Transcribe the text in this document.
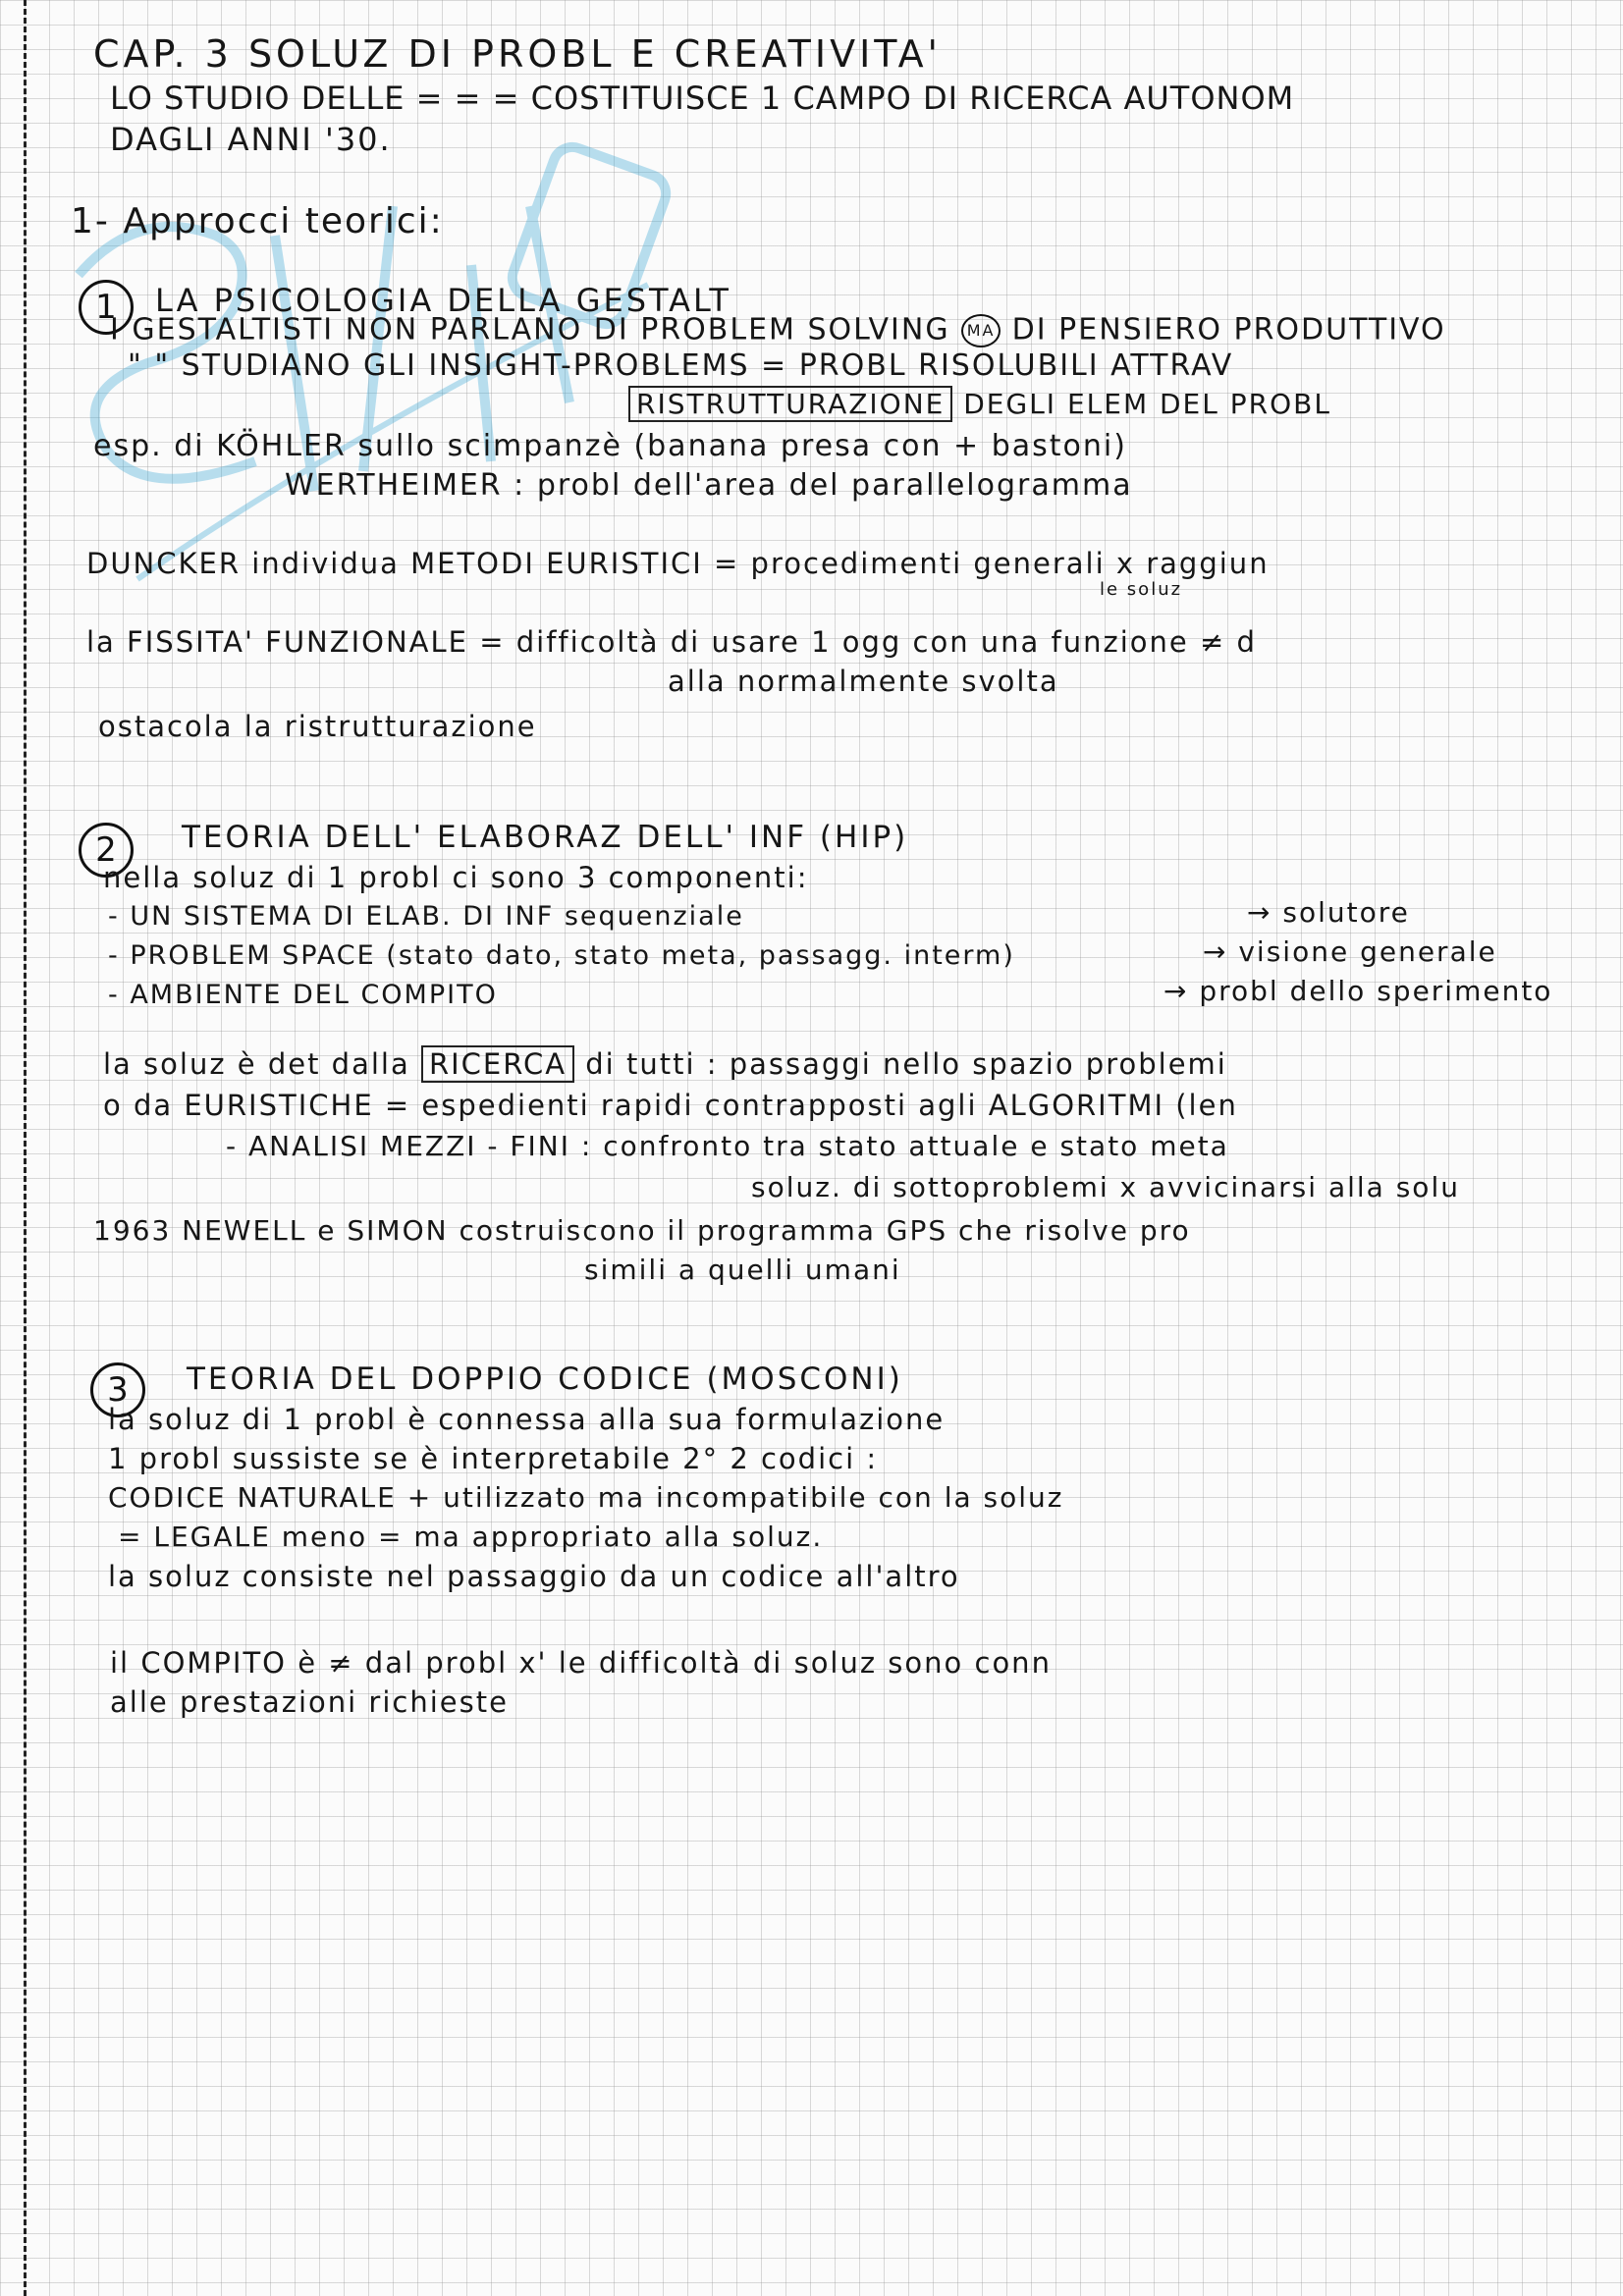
CAP. 3 SOLUZ DI PROBL E CREATIVITA'
LO STUDIO DELLE = = = COSTITUISCE 1 CAMPO DI RICERCA AUTONOM
DAGLI ANNI '30.
1- Approcci teorici:
1 LA PSICOLOGIA DELLA GESTALT
I GESTALTISTI NON PARLANO DI PROBLEM SOLVING MA DI PENSIERO PRODUTTIVO
" " STUDIANO GLI INSIGHT-PROBLEMS = PROBL RISOLUBILI ATTRAV
RISTRUTTURAZIONE DEGLI ELEM DEL PROBL
esp. di KÖHLER sullo scimpanzè (banana presa con + bastoni)
WERTHEIMER : probl dell'area del parallelogramma
DUNCKER individua METODI EURISTICI = procedimenti generali x raggiun
le soluz
la FISSITA' FUNZIONALE = difficoltà di usare 1 ogg con una funzione ≠ d
alla normalmente svolta
ostacola la ristrutturazione
2 TEORIA DELL' ELABORAZ DELL' INF (HIP)
nella soluz di 1 probl ci sono 3 componenti:
- UN SISTEMA DI ELAB. DI INF sequenziale	→ solutore
- PROBLEM SPACE (stato dato, stato meta, passagg. interm)	→ visione generale
- AMBIENTE DEL COMPITO	→ probl dello sperimento
la soluz è det dalla RICERCA di tutti : passaggi nello spazio problemi
o da EURISTICHE = espedienti rapidi contrapposti agli ALGORITMI (len
- ANALISI MEZZI - FINI : confronto tra stato attuale e stato meta
soluz. di sottoproblemi x avvicinarsi alla solu
1963 NEWELL e SIMON costruiscono il programma GPS che risolve pro
simili a quelli umani
3 TEORIA DEL DOPPIO CODICE (MOSCONI)
la soluz di 1 probl è connessa alla sua formulazione
1 probl sussiste se è interpretabile 2° 2 codici :
CODICE NATURALE + utilizzato ma incompatibile con la soluz
= LEGALE meno = ma appropriato alla soluz.
la soluz consiste nel passaggio da un codice all'altro
il COMPITO è ≠ dal probl x' le difficoltà di soluz sono conn
alle prestazioni richieste
